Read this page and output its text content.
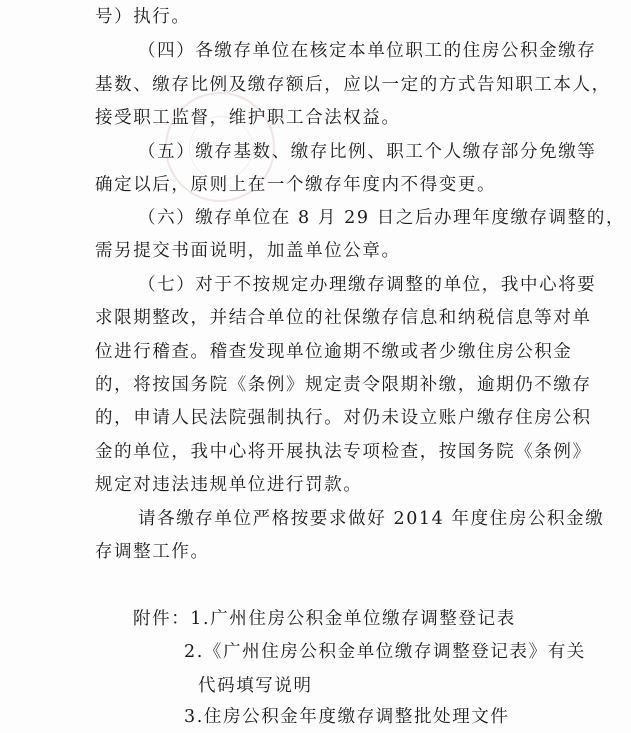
号）执行。
（四）各缴存单位在核定本单位职工的住房公积金缴存
基数、缴存比例及缴存额后，应以一定的方式告知职工本人，
接受职工监督，维护职工合法权益。
（五）缴存基数、缴存比例、职工个人缴存部分免缴等
确定以后，原则上在一个缴存年度内不得变更。
（六）缴存单位在 8 月 29 日之后办理年度缴存调整的，
需另提交书面说明，加盖单位公章。
（七）对于不按规定办理缴存调整的单位，我中心将要
求限期整改，并结合单位的社保缴存信息和纳税信息等对单
位进行稽查。稽查发现单位逾期不缴或者少缴住房公积金
的，将按国务院《条例》规定责令限期补缴，逾期仍不缴存
的，申请人民法院强制执行。对仍未设立账户缴存住房公积
金的单位，我中心将开展执法专项检查，按国务院《条例》
规定对违法违规单位进行罚款。
请各缴存单位严格按要求做好 2014 年度住房公积金缴
存调整工作。
附件：1.广州住房公积金单位缴存调整登记表
2.《广州住房公积金单位缴存调整登记表》有关
代码填写说明
3.住房公积金年度缴存调整批处理文件
